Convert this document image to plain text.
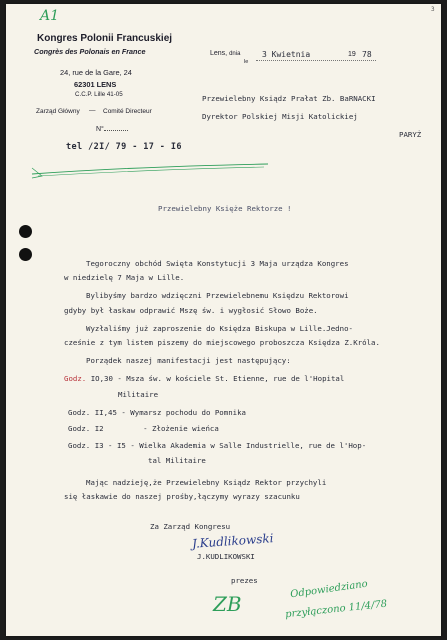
A1	3
Kongres Polonii Francuskiej
Congrès des Polonais en France
24, rue de la Gare, 24
62301 LENS
C.C.P. Lille 41-05
Zarząd Główny — Comité Directeur
N°
tel /2I/ 79 - 17 - I6
Lens, dnia
le
3 Kwietnia	19 78
Przewielebny Ksiądz Prałat Zb. BaRNACKI
Dyrektor Polskiej Misji Katolickiej
PARYŻ
Przewielebny Księże Rektorze !
Tegoroczny obchód Swięta Konstytucji 3 Maja urządza Kongres
w niedzielę 7 Maja w Lille.
Bylibyśmy bardzo wdzięczni Przewielebnemu Księdzu Rektorowi
gdyby był łaskaw odprawić Mszę św. i wygłosić Słowo Boże.
Wyzłaliśmy już zaproszenie do Księdza Biskupa w Lille.Jedno-
cześnie z tym listem piszemy do miejscowego proboszcza Księdza Z.Króla.
Porządek naszej manifestacji jest następujący:
Godz. IO,30 - Msza św. w kościele St. Etienne, rue de l'Hopital
Militaire
Godz. II,45 - Wymarsz pochodu do Pomnika
Godz. I2	- Złożenie wieńca
Godz. I3 - I5 - Wielka Akademia w Salle Industrielle, rue de l'Hop-
tal Militaire
Mając nadzieję,że Przewielebny Ksiądz Rektor przychyli
się łaskawie do naszej prośby,łączymy wyrazy szacunku
Za Zarząd Kongresu
J.Kudlikowski
J.KUDLIKOWSKI
prezes
ZB
Odpowiedziano
przyłączono 11/4/78
